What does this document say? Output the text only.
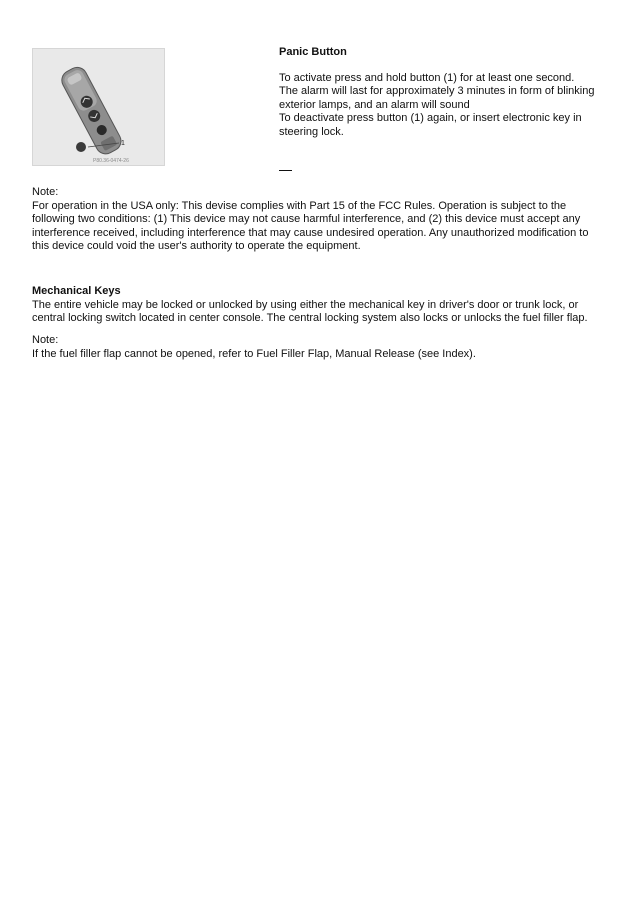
1
P80.36-0474-26

Panic Button

To activate press and hold button (1) for at least one second.

The alarm will last for approximately 3 minutes in form of blinking

exterior lamps, and an alarm will sound

To deactivate press button (1) again, or insert electronic key in

steering lock.

Note:

For operation in the USA only: This devise complies with Part 15 of the FCC Rules. Operation is subject to the

following two conditions: (1) This device may not cause harmful interference, and (2) this device must accept any

interference received, including interference that may cause undesired operation. Any unauthorized modification to

this device could void the user's authority to operate the equipment.

Mechanical Keys

The entire vehicle may be locked or unlocked by using either the mechanical key in driver's door or trunk lock, or

central locking switch located in center console. The central locking system also locks or unlocks the fuel filler flap.

Note:

If the fuel filler flap cannot be opened, refer to Fuel Filler Flap, Manual Release (see Index).
